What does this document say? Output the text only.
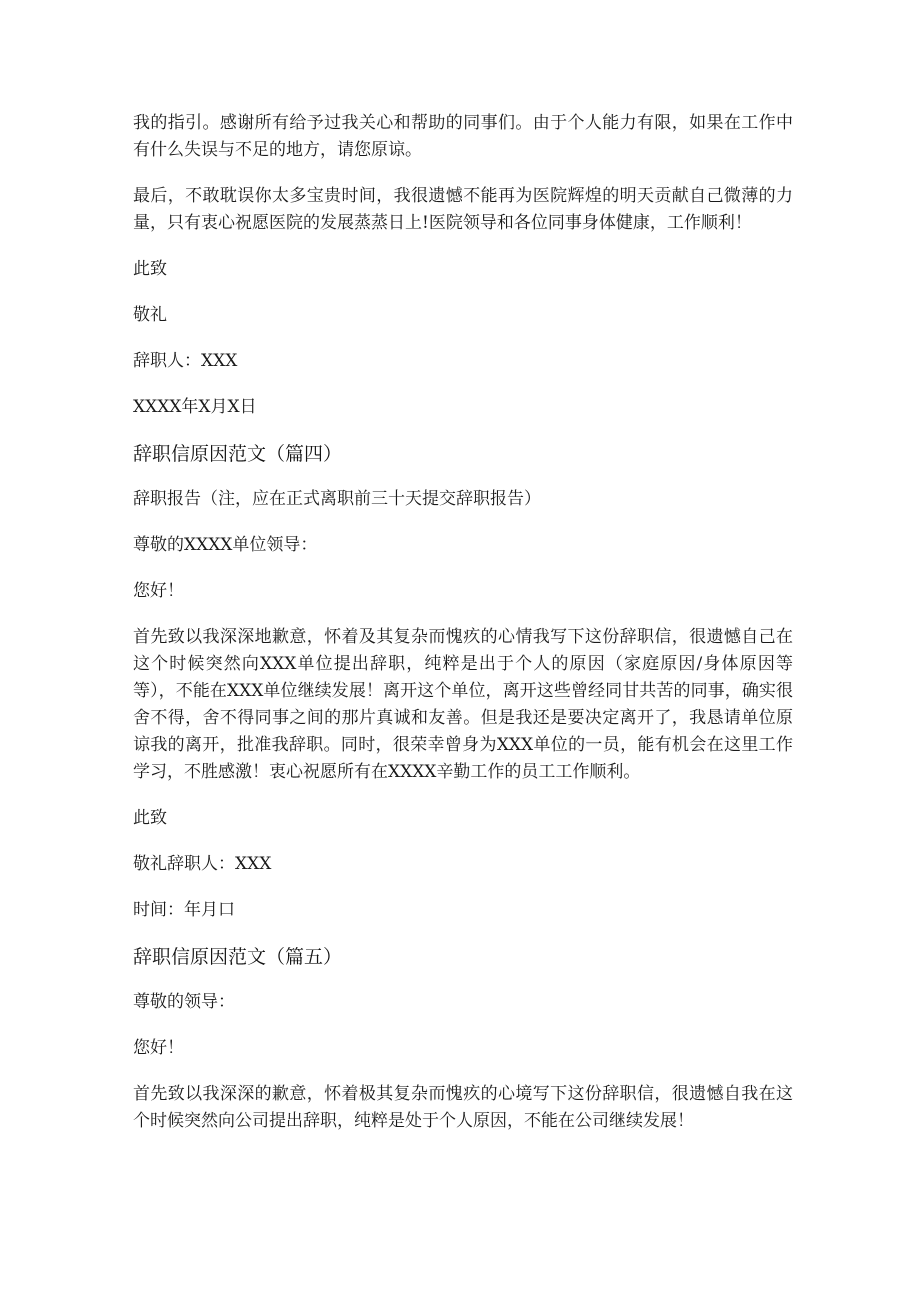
我的指引。感谢所有给予过我关心和帮助的同事们。由于个人能力有限，如果在工作中有什么失误与不足的地方，请您原谅。

最后，不敢耽误你太多宝贵时间，我很遗憾不能再为医院辉煌的明天贡献自己微薄的力量，只有衷心祝愿医院的发展蒸蒸日上!医院领导和各位同事身体健康，工作顺利！

此致

敬礼

辞职人：XXX

XXXX年X月X日

辞职信原因范文（篇四）

辞职报告（注，应在正式离职前三十天提交辞职报告）

尊敬的XXXX单位领导：

您好！

首先致以我深深地歉意，怀着及其复杂而愧疚的心情我写下这份辞职信，很遗憾自己在这个时候突然向XXX单位提出辞职，纯粹是出于个人的原因（家庭原因/身体原因等等），不能在XXX单位继续发展！离开这个单位，离开这些曾经同甘共苦的同事，确实很舍不得，舍不得同事之间的那片真诚和友善。但是我还是要决定离开了，我恳请单位原谅我的离开，批准我辞职。同时，很荣幸曾身为XXX单位的一员，能有机会在这里工作学习，不胜感激！衷心祝愿所有在XXXX辛勤工作的员工工作顺利。

此致

敬礼辞职人：XXX

时间：年月口

辞职信原因范文（篇五）

尊敬的领导：

您好！

首先致以我深深的歉意，怀着极其复杂而愧疚的心境写下这份辞职信，很遗憾自我在这个时候突然向公司提出辞职，纯粹是处于个人原因，不能在公司继续发展！
